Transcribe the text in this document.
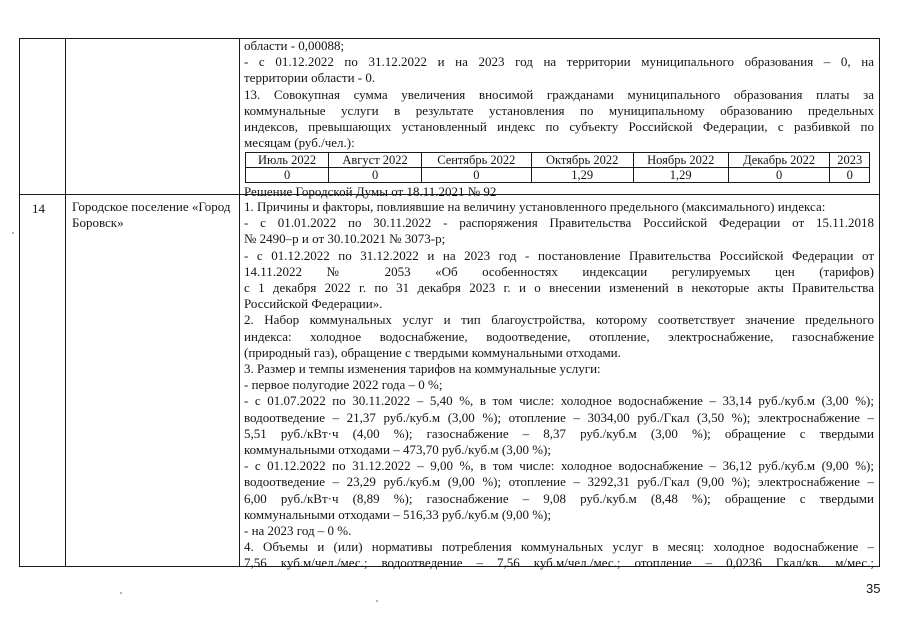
области - 0,00088;

- с 01.12.2022 по 31.12.2022 и на 2023 год на территории муниципального образования – 0, на

территории области - 0.

13. Совокупная сумма увеличения вносимой гражданами муниципального образования платы за

коммунальные услуги в результате установления по муниципальному образованию предельных

индексов, превышающих установленный индекс по субъекту Российской Федерации, с разбивкой по

месяцам (руб./чел.):

Июль 2022	Август 2022	Сентябрь 2022	Октябрь 2022	Ноябрь 2022	Декабрь 2022	2023
0	0	0	1,29	1,29	0	0

Решение Городской Думы от 18.11.2021 № 92

14 Городское поселение «Город Боровск»

1. Причины и факторы, повлиявшие на величину установленного предельного (максимального) индекса:

- с 01.01.2022 по 30.11.2022 - распоряжения Правительства Российской Федерации от 15.11.2018

№ 2490–р и от 30.10.2021 № 3073-р;

- с 01.12.2022 по 31.12.2022 и на 2023 год - постановление Правительства Российской Федерации от

14.11.2022 № 2053 «Об особенностях индексации регулируемых цен (тарифов)

с 1 декабря 2022 г. по 31 декабря 2023 г. и о внесении изменений в некоторые акты Правительства

Российской Федерации».

2. Набор коммунальных услуг и тип благоустройства, которому соответствует значение предельного

индекса: холодное водоснабжение, водоотведение, отопление, электроснабжение, газоснабжение

(природный газ), обращение с твердыми коммунальными отходами.

3. Размер и темпы изменения тарифов на коммунальные услуги:

- первое полугодие 2022 года – 0 %;

- с 01.07.2022 по 30.11.2022 – 5,40 %, в том числе: холодное водоснабжение – 33,14 руб./куб.м (3,00 %);

водоотведение – 21,37 руб./куб.м (3,00 %); отопление – 3034,00 руб./Гкал (3,50 %); электроснабжение –

5,51 руб./кВт·ч (4,00 %); газоснабжение – 8,37 руб./куб.м (3,00 %); обращение с твердыми

коммунальными отходами – 473,70 руб./куб.м (3,00 %);

- с 01.12.2022 по 31.12.2022 – 9,00 %, в том числе: холодное водоснабжение – 36,12 руб./куб.м (9,00 %);

водоотведение – 23,29 руб./куб.м (9,00 %); отопление – 3292,31 руб./Гкал (9,00 %); электроснабжение –

6,00 руб./кВт·ч (8,89 %); газоснабжение – 9,08 руб./куб.м (8,48 %); обращение с твердыми

коммунальными отходами – 516,33 руб./куб.м (9,00 %);

- на 2023 год – 0 %.

4. Объемы и (или) нормативы потребления коммунальных услуг в месяц: холодное водоснабжение –

7,56 куб.м/чел./мес.; водоотведение – 7,56 куб.м/чел./мес.; отопление – 0,0236 Гкал/кв. м/мес.;

35
